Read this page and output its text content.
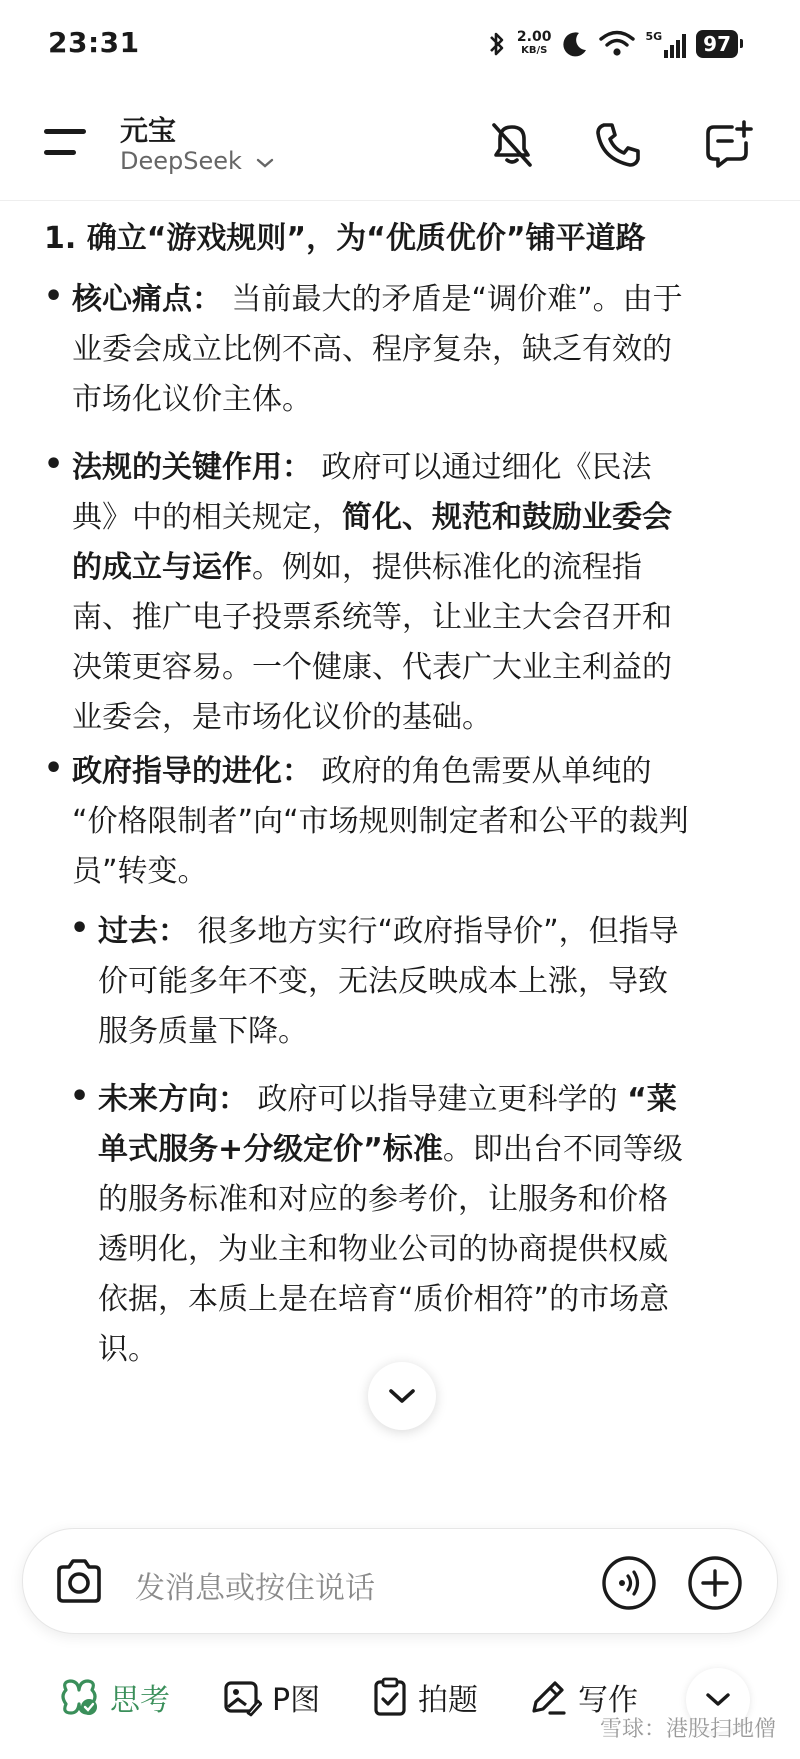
23:31	2.00
KB/S
5G	97
元宝
DeepSeek
1. 确立“游戏规则”，为“优质优价”铺平道路
• 核心痛点： 当前最大的矛盾是“调价难”。由于
业委会成立比例不高、程序复杂，缺乏有效的
市场化议价主体。
• 法规的关键作用： 政府可以通过细化《民法
典》中的相关规定，简化、规范和鼓励业委会
的成立与运作。例如，提供标准化的流程指
南、推广电子投票系统等，让业主大会召开和
决策更容易。一个健康、代表广大业主利益的
业委会，是市场化议价的基础。
• 政府指导的进化： 政府的角色需要从单纯的
“价格限制者”向“市场规则制定者和公平的裁判
员”转变。
• 过去： 很多地方实行“政府指导价”，但指导
价可能多年不变，无法反映成本上涨，导致
服务质量下降。
• 未来方向： 政府可以指导建立更科学的 “菜
单式服务+分级定价”标准。即出台不同等级
的服务标准和对应的参考价，让服务和价格
透明化，为业主和物业公司的协商提供权威
依据，本质上是在培育“质价相符”的市场意
识。
发消息或按住说话
思考	P图	拍题	写作
雪球：港股扫地僧
